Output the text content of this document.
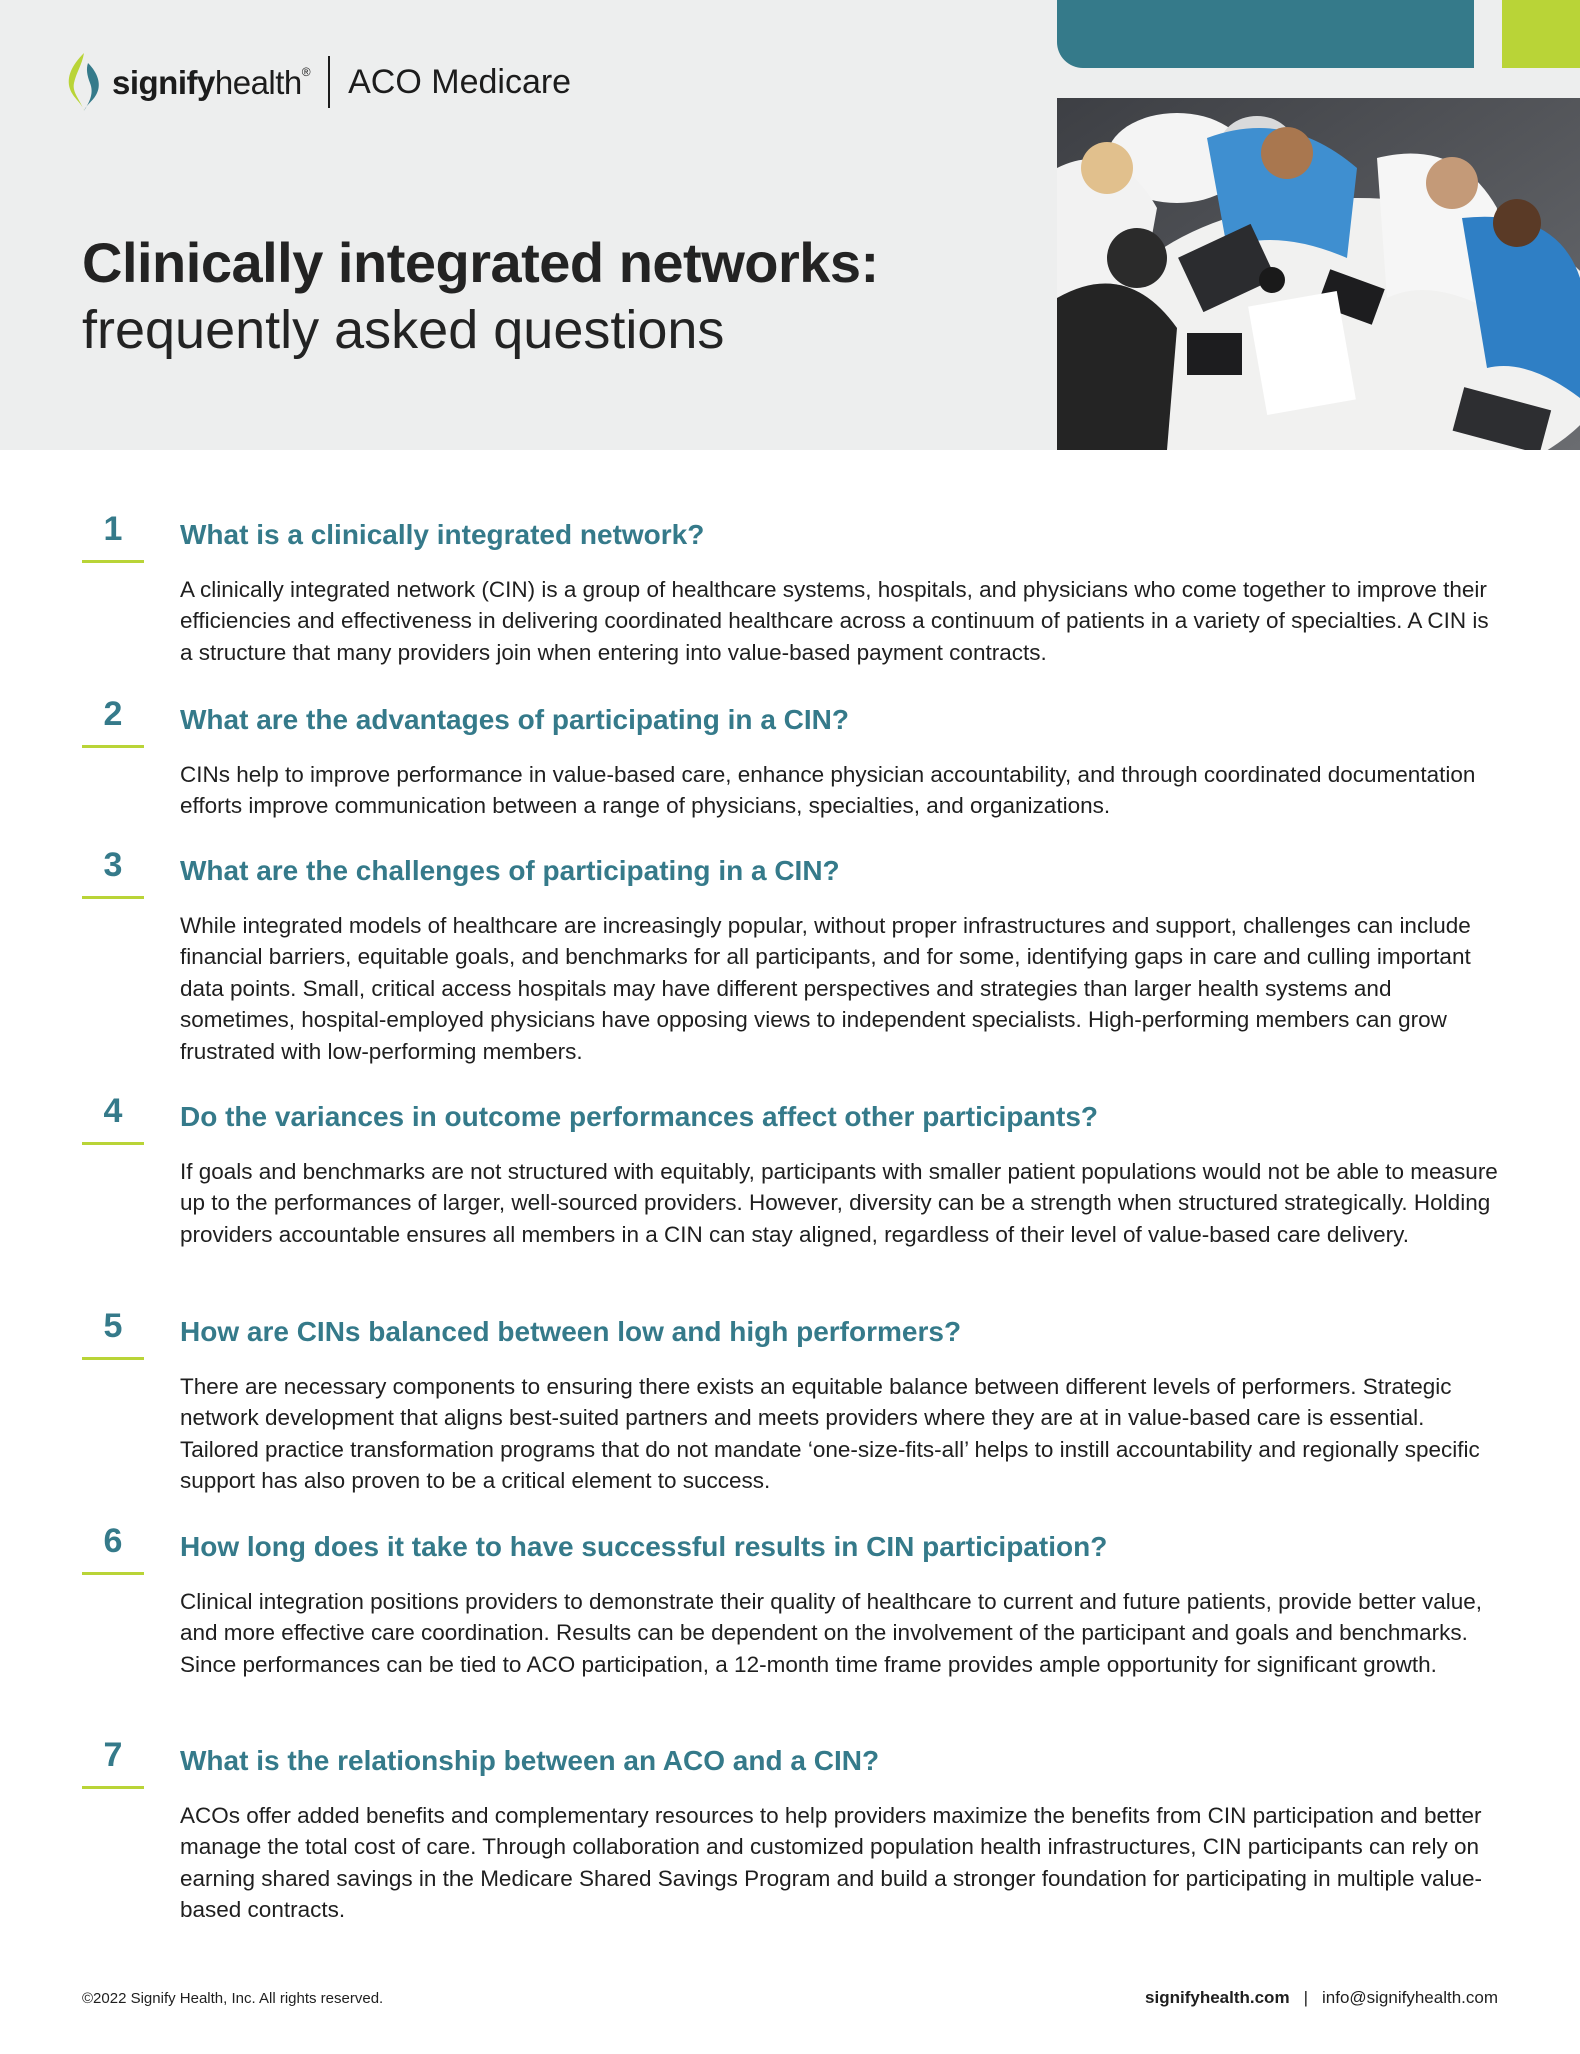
signifyhealth® ACO Medicare
Clinically integrated networks:
frequently asked questions
1	What is a clinically integrated network?
A clinically integrated network (CIN) is a group of healthcare systems, hospitals, and physicians who come together to improve their efficiencies and effectiveness in delivering coordinated healthcare across a continuum of patients in a variety of specialties. A CIN is a structure that many providers join when entering into value-based payment contracts.
2	What are the advantages of participating in a CIN?
CINs help to improve performance in value-based care, enhance physician accountability, and through coordinated documentation efforts improve communication between a range of physicians, specialties, and organizations.
3	What are the challenges of participating in a CIN?
While integrated models of healthcare are increasingly popular, without proper infrastructures and support, challenges can include financial barriers, equitable goals, and benchmarks for all participants, and for some, identifying gaps in care and culling important data points. Small, critical access hospitals may have different perspectives and strategies than larger health systems and sometimes, hospital-employed physicians have opposing views to independent specialists. High-performing members can grow frustrated with low-performing members.
4	Do the variances in outcome performances affect other participants?
If goals and benchmarks are not structured with equitably, participants with smaller patient populations would not be able to measure up to the performances of larger, well-sourced providers. However, diversity can be a strength when structured strategically. Holding providers accountable ensures all members in a CIN can stay aligned, regardless of their level of value-based care delivery.
5	How are CINs balanced between low and high performers?
There are necessary components to ensuring there exists an equitable balance between different levels of performers. Strategic network development that aligns best-suited partners and meets providers where they are at in value-based care is essential. Tailored practice transformation programs that do not mandate ‘one-size-fits-all’ helps to instill accountability and regionally specific support has also proven to be a critical element to success.
6	How long does it take to have successful results in CIN participation?
Clinical integration positions providers to demonstrate their quality of healthcare to current and future patients, provide better value, and more effective care coordination. Results can be dependent on the involvement of the participant and goals and benchmarks. Since performances can be tied to ACO participation, a 12-month time frame provides ample opportunity for significant growth.
7	What is the relationship between an ACO and a CIN?
ACOs offer added benefits and complementary resources to help providers maximize the benefits from CIN participation and better manage the total cost of care. Through collaboration and customized population health infrastructures, CIN participants can rely on earning shared savings in the Medicare Shared Savings Program and build a stronger foundation for participating in multiple value-based contracts.
©2022 Signify Health, Inc. All rights reserved.	signifyhealth.com | info@signifyhealth.com
